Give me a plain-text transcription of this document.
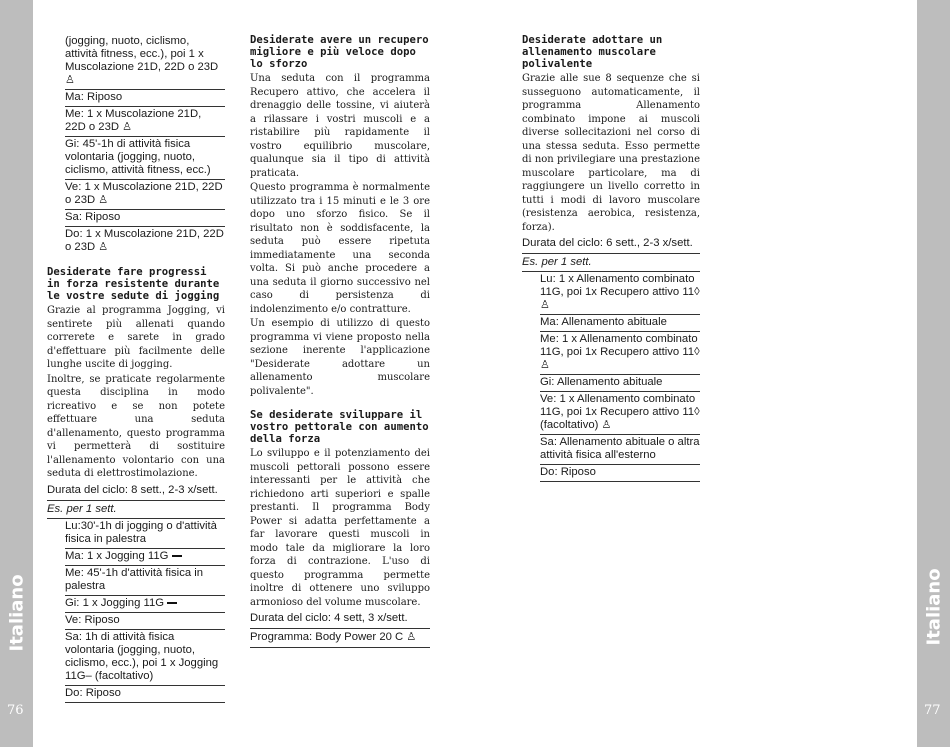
Italiano	Italiano
76	77
(jogging, nuoto, ciclismo, attività fitness, ecc.), poi 1 x Muscolazione 21D, 22D o 23D ♙
Ma: Riposo
Me: 1 x Muscolazione 21D, 22D o 23D ♙
Gi: 45'-1h di attività fisica volontaria (jogging, nuoto, ciclismo, attività fitness, ecc.)
Ve: 1 x Muscolazione 21D, 22D o 23D ♙
Sa: Riposo
Do: 1 x Muscolazione 21D, 22D o 23D ♙
Desiderate fare progressi in forza resistente durante le vostre sedute di jogging
Grazie al programma Jogging, vi sentirete più allenati quando correrete e sarete in grado d'effettuare più facilmente delle lunghe uscite di jogging.
Inoltre, se praticate regolarmente questa disciplina in modo ricreativo e se non potete effettuare una seduta d'allenamento, questo programma vi permetterà di sostituire l'allenamento volontario con una seduta di elettrostimolazione.
Durata del ciclo: 8 sett., 2-3 x/sett.
Es. per 1 sett.
Lu:30'-1h di jogging o d'attività fisica in palestra
Ma: 1 x Jogging 11G
Me: 45'-1h d'attività fisica in palestra
Gi: 1 x Jogging 11G
Ve: Riposo
Sa: 1h di attività fisica volontaria (jogging, nuoto, ciclismo, ecc.), poi 1 x Jogging 11G– (facoltativo)
Do: Riposo
Desiderate avere un recupero migliore e più veloce dopo lo sforzo
Una seduta con il programma Recupero attivo, che accelera il drenaggio delle tossine, vi aiuterà a rilassare i vostri muscoli e a ristabilire più rapidamente il vostro equilibrio muscolare, qualunque sia il tipo di attività praticata.
Questo programma è normalmente utilizzato tra i 15 minuti e le 3 ore dopo uno sforzo fisico. Se il risultato non è soddisfacente, la seduta può essere ripetuta immediatamente una seconda volta. Si può anche procedere a una seduta il giorno successivo nel caso di persistenza di indolenzimento e/o contratture.
Un esempio di utilizzo di questo programma vi viene proposto nella sezione inerente l'applicazione "Desiderate adottare un allenamento muscolare polivalente".
Se desiderate sviluppare il vostro pettorale con aumento della forza
Lo sviluppo e il potenziamento dei muscoli pettorali possono essere interessanti per le attività che richiedono arti superiori e spalle prestanti. Il programma Body Power si adatta perfettamente a far lavorare questi muscoli in modo tale da migliorare la loro forza di contrazione. L'uso di questo programma permette inoltre di ottenere uno sviluppo armonioso del volume muscolare.
Durata del ciclo: 4 sett, 3 x/sett.
Programma: Body Power 20 C ♙
Desiderate adottare un allenamento muscolare polivalente
Grazie alle sue 8 sequenze che si susseguono automaticamente, il programma Allenamento combinato impone ai muscoli diverse sollecitazioni nel corso di una stessa seduta. Esso permette di non privilegiare una prestazione muscolare particolare, ma di raggiungere un livello corretto in tutti i modi di lavoro muscolare (resistenza aerobica, resistenza, forza).
Durata del ciclo: 6 sett., 2-3 x/sett.
Es. per 1 sett.
Lu: 1 x Allenamento combinato 11G, poi 1x Recupero attivo 11◊ ♙
Ma: Allenamento abituale
Me: 1 x Allenamento combinato 11G, poi 1x Recupero attivo 11◊ ♙
Gi: Allenamento abituale
Ve: 1 x Allenamento combinato 11G, poi 1x Recupero attivo 11◊ (facoltativo) ♙
Sa: Allenamento abituale o altra attività fisica all'esterno
Do: Riposo
